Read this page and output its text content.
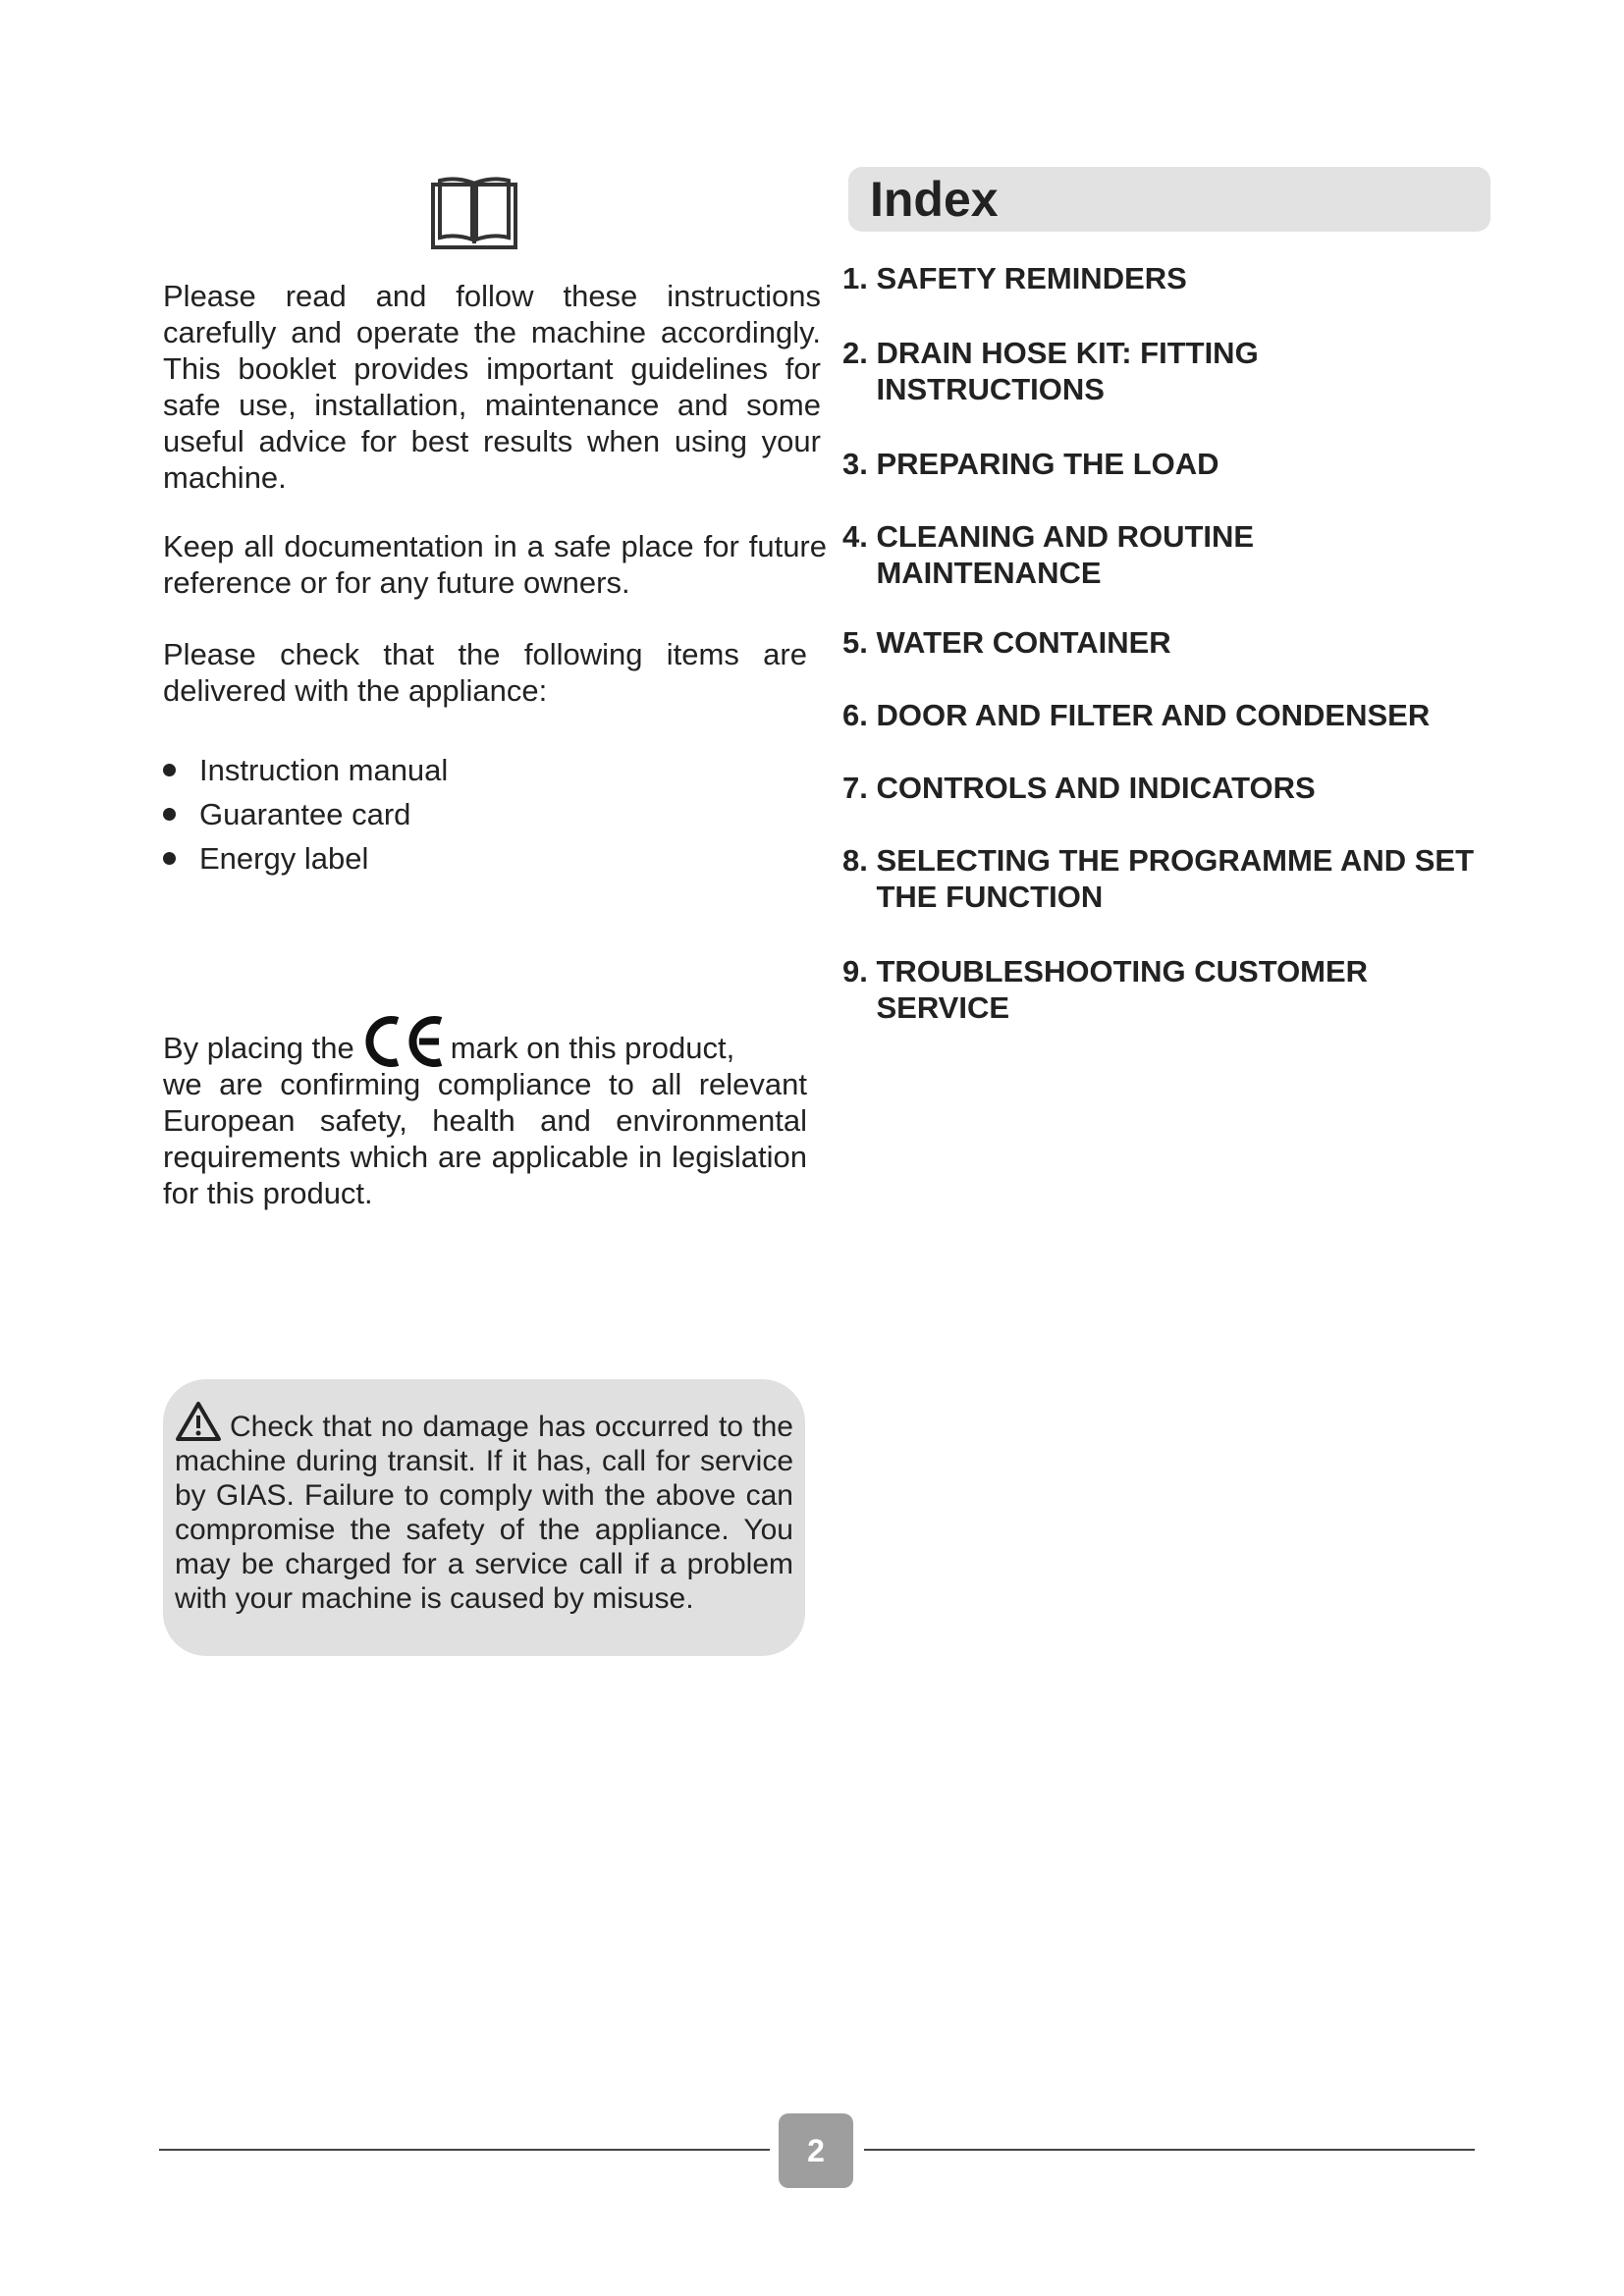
Please read and follow these instructions carefully and operate the machine accordingly. This booklet provides important guidelines for safe use, installation, maintenance and some useful advice for best results when using your machine.

Keep all documentation in a safe place for future reference or for any future owners.

Please check that the following items are delivered with the appliance:

Instruction manual
Guarantee card
Energy label
By placing the	mark on this product,
we are confirming compliance to all relevant European safety, health and environmental requirements which are applicable in legislation for this product.

Check that no damage has occurred to the machine during transit. If it has, call for service by GIAS. Failure to comply with the above can compromise the safety of the appliance. You may be charged for a service call if a problem with your machine is caused by misuse.

Index
1. SAFETY REMINDERS
2. DRAIN HOSE KIT: FITTING INSTRUCTIONS
3. PREPARING THE LOAD
4. CLEANING AND ROUTINE MAINTENANCE
5. WATER CONTAINER
6. DOOR AND FILTER AND CONDENSER
7. CONTROLS AND INDICATORS
8. SELECTING THE PROGRAMME AND SET THE FUNCTION
9. TROUBLESHOOTING CUSTOMER SERVICE
2
